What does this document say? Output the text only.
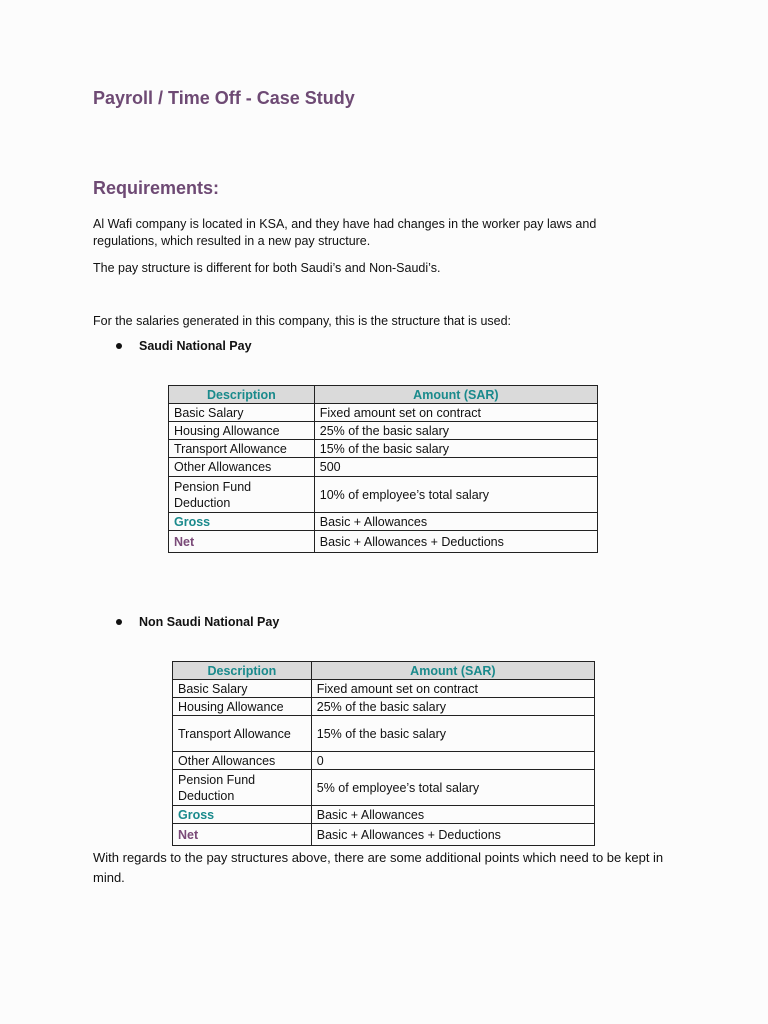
Payroll / Time Off - Case Study
Requirements:

Al Wafi company is located in KSA, and they have had changes in the worker pay laws and regulations, which resulted in a new pay structure.

The pay structure is different for both Saudi’s and Non-Saudi’s.

For the salaries generated in this company, this is the structure that is used:

Saudi National Pay
Description	Amount (SAR)
Basic Salary	Fixed amount set on contract
Housing Allowance	25% of the basic salary
Transport Allowance	15% of the basic salary
Other Allowances	500
Pension Fund Deduction	10% of employee’s total salary
Gross	Basic + Allowances
Net	Basic + Allowances + Deductions
Non Saudi National Pay
Description	Amount (SAR)
Basic Salary	Fixed amount set on contract
Housing Allowance	25% of the basic salary
Transport Allowance	15% of the basic salary
Other Allowances	0
Pension Fund Deduction	5% of employee’s total salary
Gross	Basic + Allowances
Net	Basic + Allowances + Deductions

With regards to the pay structures above, there are some additional points which need to be kept in mind.
